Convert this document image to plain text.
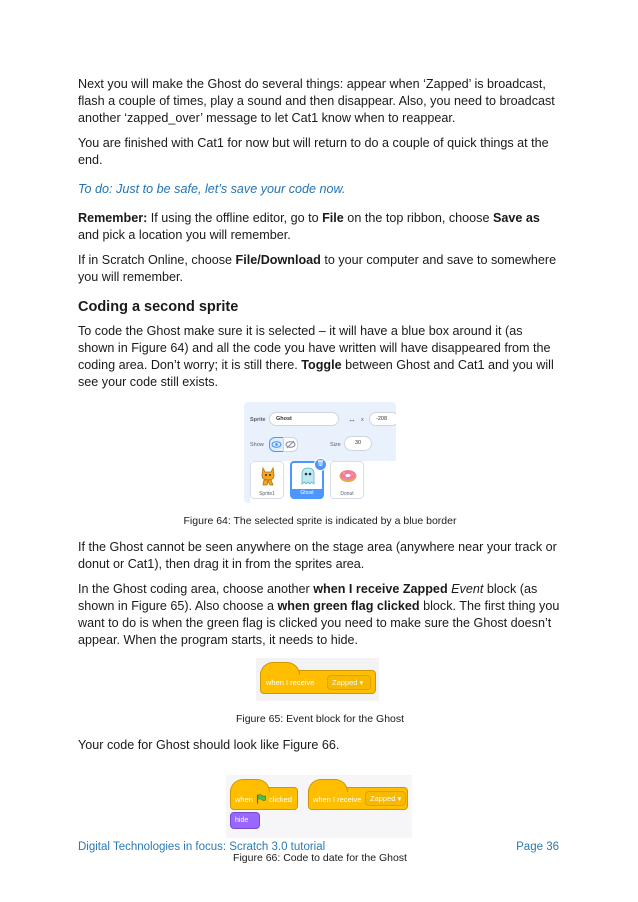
Next you will make the Ghost do several things: appear when ‘Zapped’ is broadcast, flash a couple of times, play a sound and then disappear. Also, you need to broadcast another ‘zapped_over’ message to let Cat1 know when to reappear.

You are finished with Cat1 for now but will return to do a couple of quick things at the end.

To do: Just to be safe, let’s save your code now.

Remember: If using the offline editor, go to File on the top ribbon, choose Save as and pick a location you will remember.

If in Scratch Online, choose File/Download to your computer and save to somewhere you will remember.

Coding a second sprite

To code the Ghost make sure it is selected – it will have a blue box around it (as shown in Figure 64) and all the code you have written will have disappeared from the coding area. Don’t worry; it is still there. Toggle between Ghost and Cat1 and you will see your code still exists.

Sprite	Ghost	↔ x	-208
Show	Size	30
Sprite1
🗑
Ghost	Donut

Figure 64: The selected sprite is indicated by a blue border

If the Ghost cannot be seen anywhere on the stage area (anywhere near your track or donut or Cat1), then drag it in from the sprites area.

In the Ghost coding area, choose another when I receive Zapped Event block (as shown in Figure 65). Also choose a when green flag clicked block. The first thing you want to do is when the green flag is clicked you need to make sure the Ghost doesn’t appear. When the program starts, it needs to hide.

when I receive	Zapped ▾

Figure 65: Event block for the Ghost

Your code for Ghost should look like Figure 66.

when clicked
hide
when I receive	Zapped ▾

Figure 66: Code to date for the Ghost

Digital Technologies in focus: Scratch 3.0 tutorial	Page 36
